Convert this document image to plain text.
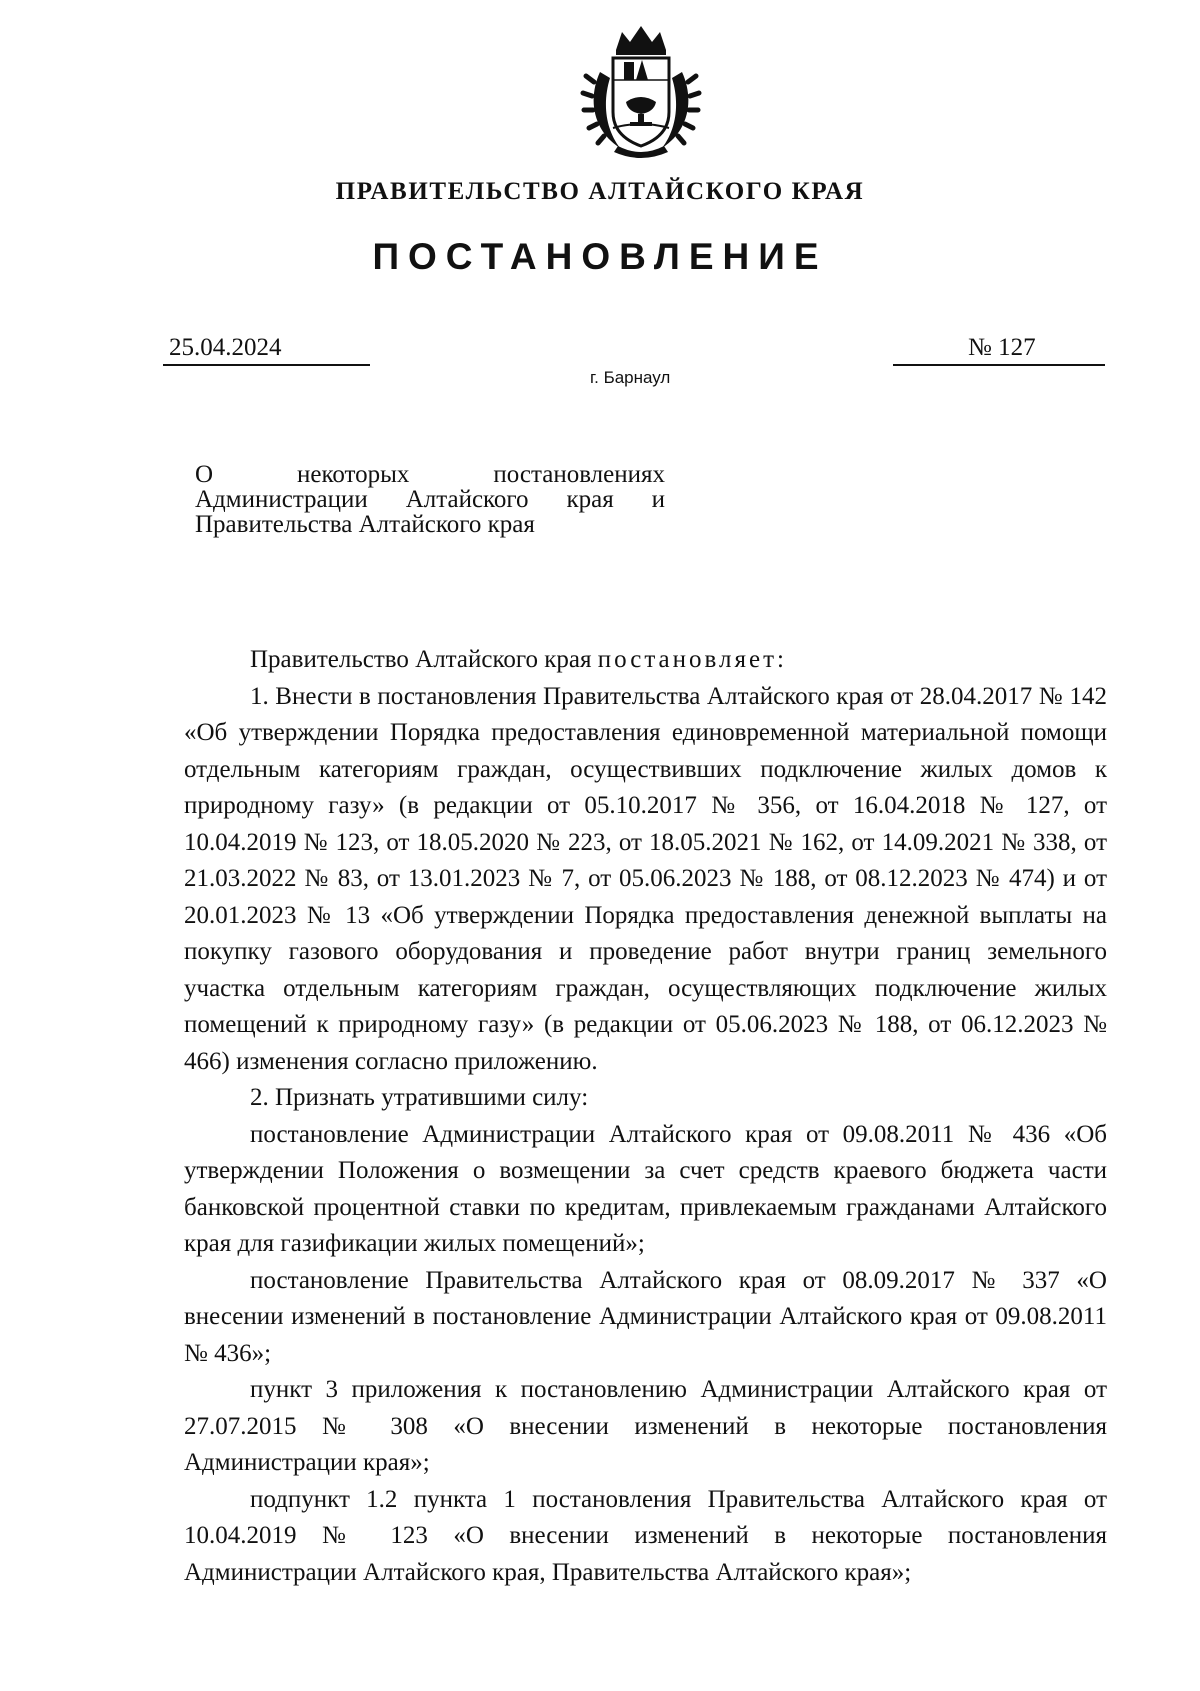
ПРАВИТЕЛЬСТВО АЛТАЙСКОГО КРАЯ
ПОСТАНОВЛЕНИЕ
25.04.2024	№ 127
г. Барнаул
О некоторых постановлениях Администрации Алтайского края и Правительства Алтайского края

Правительство Алтайского края постановляет:

1. Внести в постановления Правительства Алтайского края от 28.04.2017 № 142 «Об утверждении Порядка предоставления единовременной материальной помощи отдельным категориям граждан, осуществивших подключение жилых домов к природному газу» (в редакции от 05.10.2017 № 356, от 16.04.2018 № 127, от 10.04.2019 № 123, от 18.05.2020 № 223, от 18.05.2021 № 162, от 14.09.2021 № 338, от 21.03.2022 № 83, от 13.01.2023 № 7, от 05.06.2023 № 188, от 08.12.2023 № 474) и от 20.01.2023 № 13 «Об утверждении Порядка предоставления денежной выплаты на покупку газового оборудования и проведение работ внутри границ земельного участка отдельным категориям граждан, осуществляющих подключение жилых помещений к природному газу» (в редакции от 05.06.2023 № 188, от 06.12.2023 № 466) изменения согласно приложению.

2. Признать утратившими силу:

постановление Администрации Алтайского края от 09.08.2011 № 436 «Об утверждении Положения о возмещении за счет средств краевого бюджета части банковской процентной ставки по кредитам, привлекаемым гражданами Алтайского края для газификации жилых помещений»;

постановление Правительства Алтайского края от 08.09.2017 № 337 «О внесении изменений в постановление Администрации Алтайского края от 09.08.2011 № 436»;

пункт 3 приложения к постановлению Администрации Алтайского края от 27.07.2015 № 308 «О внесении изменений в некоторые постановления Администрации края»;

подпункт 1.2 пункта 1 постановления Правительства Алтайского края от 10.04.2019 № 123 «О внесении изменений в некоторые постановления Администрации Алтайского края, Правительства Алтайского края»;
